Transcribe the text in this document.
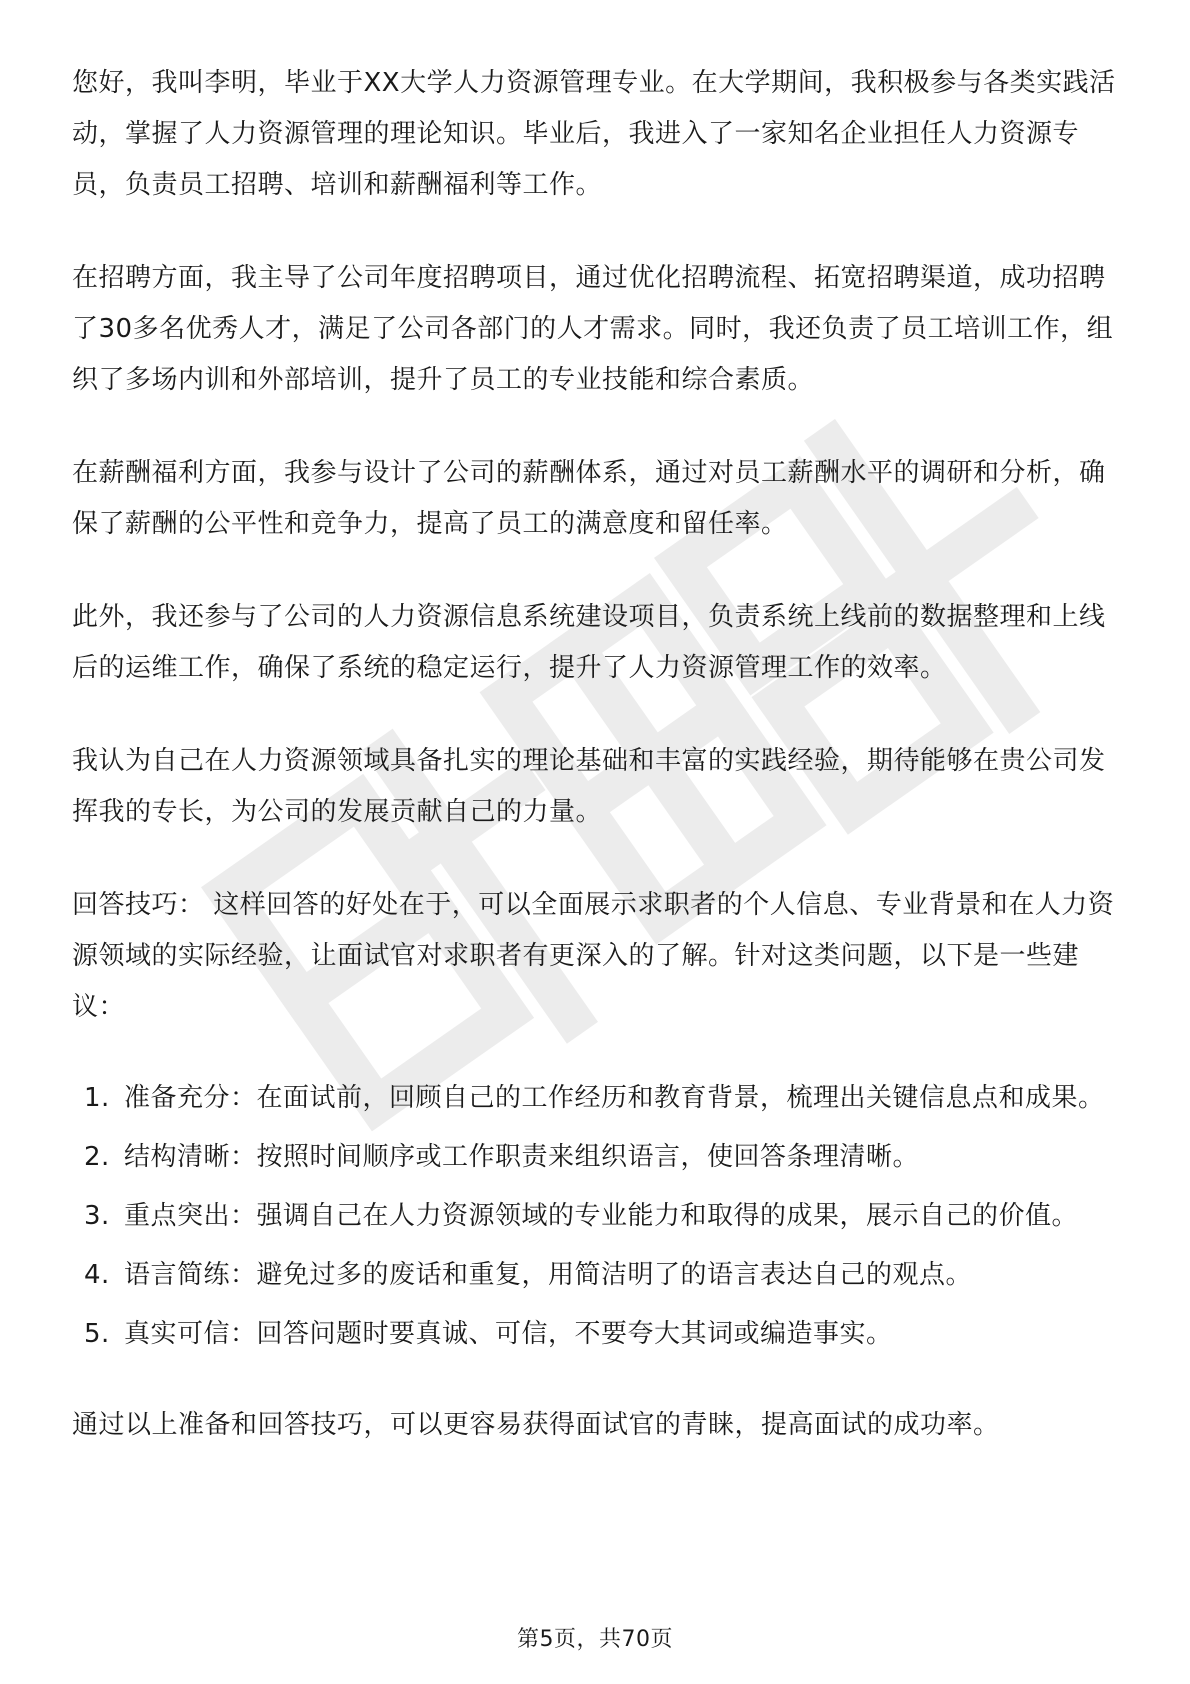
您好，我叫李明，毕业于XX大学人力资源管理专业。在大学期间，我积极参与各类实践活动，掌握了人力资源管理的理论知识。毕业后，我进入了一家知名企业担任人力资源专员，负责员工招聘、培训和薪酬福利等工作。

在招聘方面，我主导了公司年度招聘项目，通过优化招聘流程、拓宽招聘渠道，成功招聘了30多名优秀人才，满足了公司各部门的人才需求。同时，我还负责了员工培训工作，组织了多场内训和外部培训，提升了员工的专业技能和综合素质。

在薪酬福利方面，我参与设计了公司的薪酬体系，通过对员工薪酬水平的调研和分析，确保了薪酬的公平性和竞争力，提高了员工的满意度和留任率。

此外，我还参与了公司的人力资源信息系统建设项目，负责系统上线前的数据整理和上线后的运维工作，确保了系统的稳定运行，提升了人力资源管理工作的效率。

我认为自己在人力资源领域具备扎实的理论基础和丰富的实践经验，期待能够在贵公司发挥我的专长，为公司的发展贡献自己的力量。

回答技巧： 这样回答的好处在于，可以全面展示求职者的个人信息、专业背景和在人力资源领域的实际经验，让面试官对求职者有更深入的了解。针对这类问题，以下是一些建议：

1. 准备充分：在面试前，回顾自己的工作经历和教育背景，梳理出关键信息点和成果。
2. 结构清晰：按照时间顺序或工作职责来组织语言，使回答条理清晰。
3. 重点突出：强调自己在人力资源领域的专业能力和取得的成果，展示自己的价值。
4. 语言简练：避免过多的废话和重复，用简洁明了的语言表达自己的观点。
5. 真实可信：回答问题时要真诚、可信，不要夸大其词或编造事实。

通过以上准备和回答技巧，可以更容易获得面试官的青睐，提高面试的成功率。

第5页，共70页
